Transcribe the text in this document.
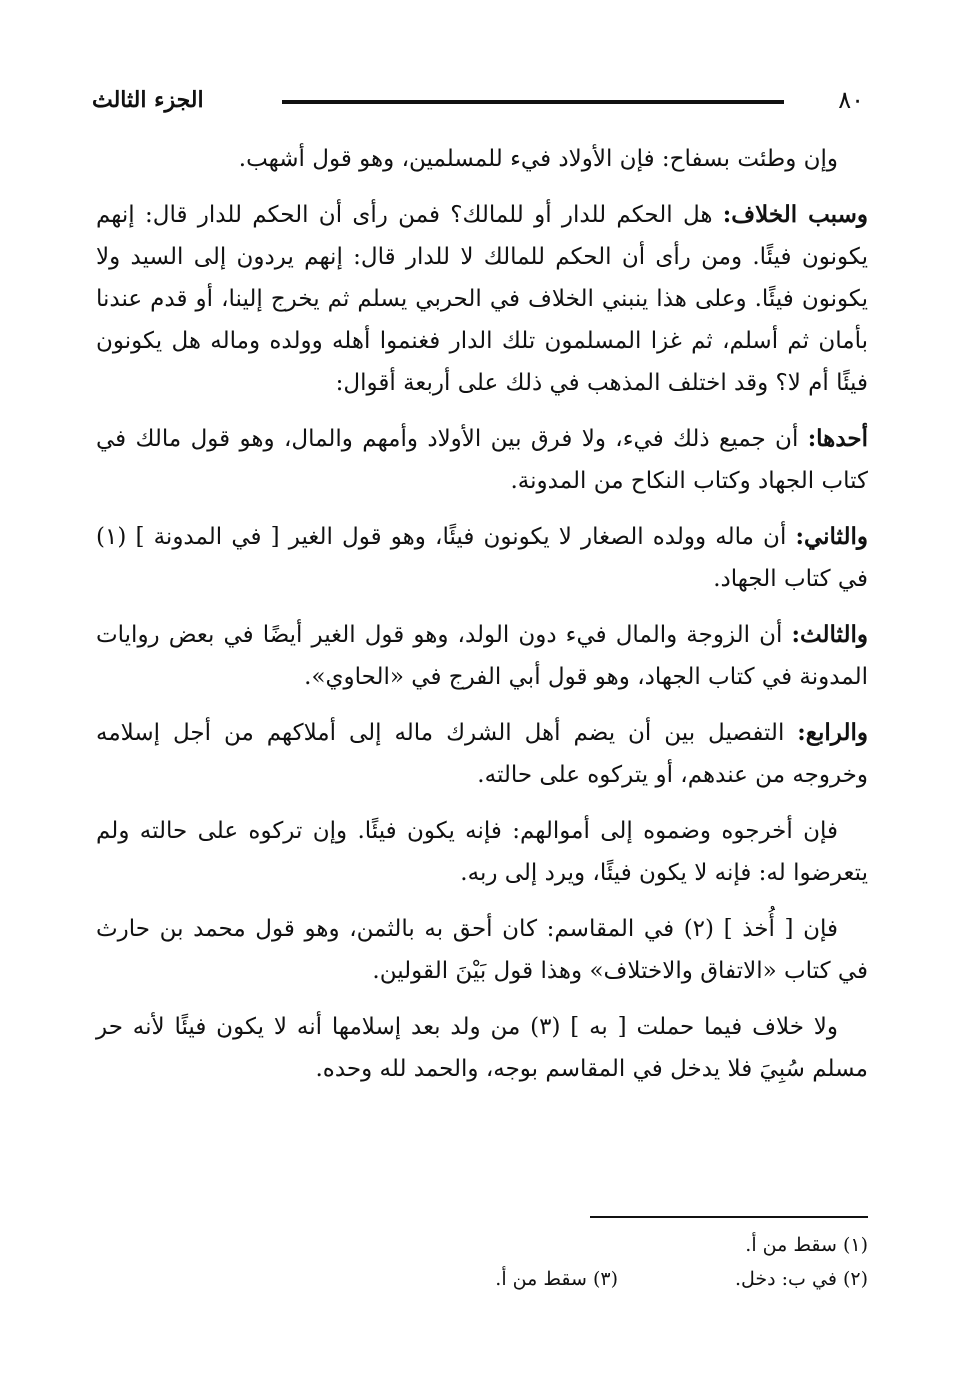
٨٠
الجزء الثالث

وإن وطئت بسفاح: فإن الأولاد فيء للمسلمين، وهو قول أشهب.

وسبب الخلاف: هل الحكم للدار أو للمالك؟ فمن رأى أن الحكم للدار قال: إنهم يكونون فيئًا. ومن رأى أن الحكم للمالك لا للدار قال: إنهم يردون إلى السيد ولا يكونون فيئًا. وعلى هذا ينبني الخلاف في الحربي يسلم ثم يخرج إلينا، أو قدم عندنا بأمان ثم أسلم، ثم غزا المسلمون تلك الدار فغنموا أهله وولده وماله هل يكونون فيئًا أم لا؟ وقد اختلف المذهب في ذلك على أربعة أقوال:

أحدها: أن جميع ذلك فيء، ولا فرق بين الأولاد وأمهم والمال، وهو قول مالك في كتاب الجهاد وكتاب النكاح من المدونة.

والثاني: أن ماله وولده الصغار لا يكونون فيئًا، وهو قول الغير [ في المدونة ] (١) في كتاب الجهاد.

والثالث: أن الزوجة والمال فيء دون الولد، وهو قول الغير أيضًا في بعض روايات المدونة في كتاب الجهاد، وهو قول أبي الفرج في «الحاوي».

والرابع: التفصيل بين أن يضم أهل الشرك ماله إلى أملاكهم من أجل إسلامه وخروجه من عندهم، أو يتركوه على حالته.

فإن أخرجوه وضموه إلى أموالهم: فإنه يكون فيئًا. وإن تركوه على حالته ولم يتعرضوا له: فإنه لا يكون فيئًا، ويرد إلى ربه.

فإن [ أُخذ ] (٢) في المقاسم: كان أحق به بالثمن، وهو قول محمد بن حارث في كتاب «الاتفاق والاختلاف» وهذا قول بَيْنَ القولين.

ولا خلاف فيما حملت [ به ] (٣) من ولد بعد إسلامها أنه لا يكون فيئًا لأنه حر مسلم سُبِيَ فلا يدخل في المقاسم بوجه، والحمد لله وحده.

(١) سقط من أ.
(٢) في ب: دخل.
(٣) سقط من أ.
